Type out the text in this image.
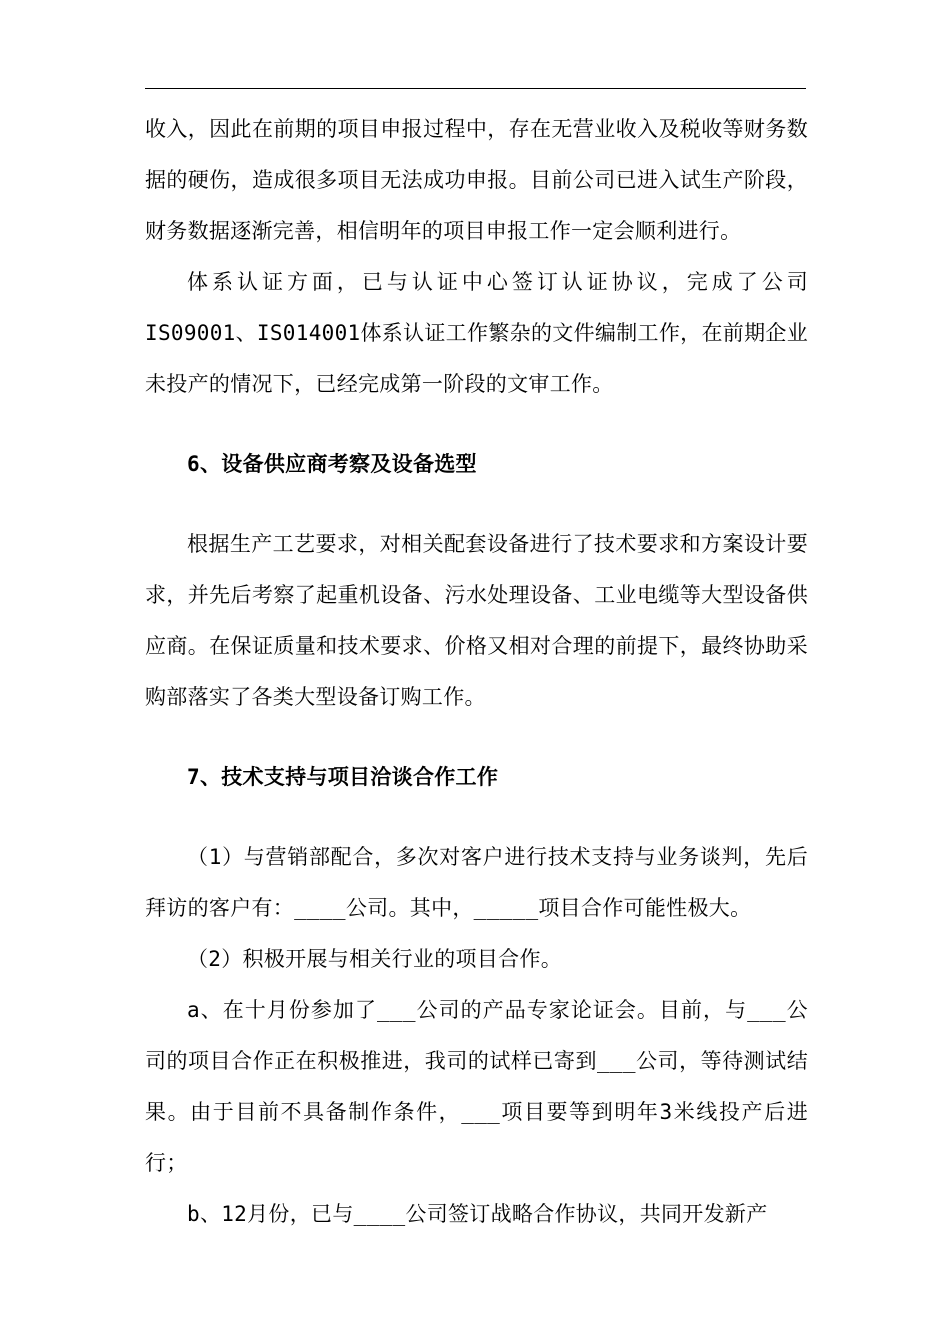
收入，因此在前期的项目申报过程中，存在无营业收入及税收等财务数据的硬伤，造成很多项目无法成功申报。目前公司已进入试生产阶段，财务数据逐渐完善，相信明年的项目申报工作一定会顺利进行。

体系认证方面，已与认证中心签订认证协议，完成了公司IS09001、IS014001体系认证工作繁杂的文件编制工作，在前期企业未投产的情况下，已经完成第一阶段的文审工作。

6、设备供应商考察及设备选型

根据生产工艺要求，对相关配套设备进行了技术要求和方案设计要求，并先后考察了起重机设备、污水处理设备、工业电缆等大型设备供应商。在保证质量和技术要求、价格又相对合理的前提下，最终协助采购部落实了各类大型设备订购工作。

7、技术支持与项目洽谈合作工作

（1）与营销部配合，多次对客户进行技术支持与业务谈判，先后拜访的客户有：____公司。其中，_____项目合作可能性极大。

（2）积极开展与相关行业的项目合作。

a、在十月份参加了___公司的产品专家论证会。目前，与___公司的项目合作正在积极推进，我司的试样已寄到___公司，等待测试结果。由于目前不具备制作条件，___项目要等到明年3米线投产后进行；

b、12月份，已与____公司签订战略合作协议，共同开发新产
